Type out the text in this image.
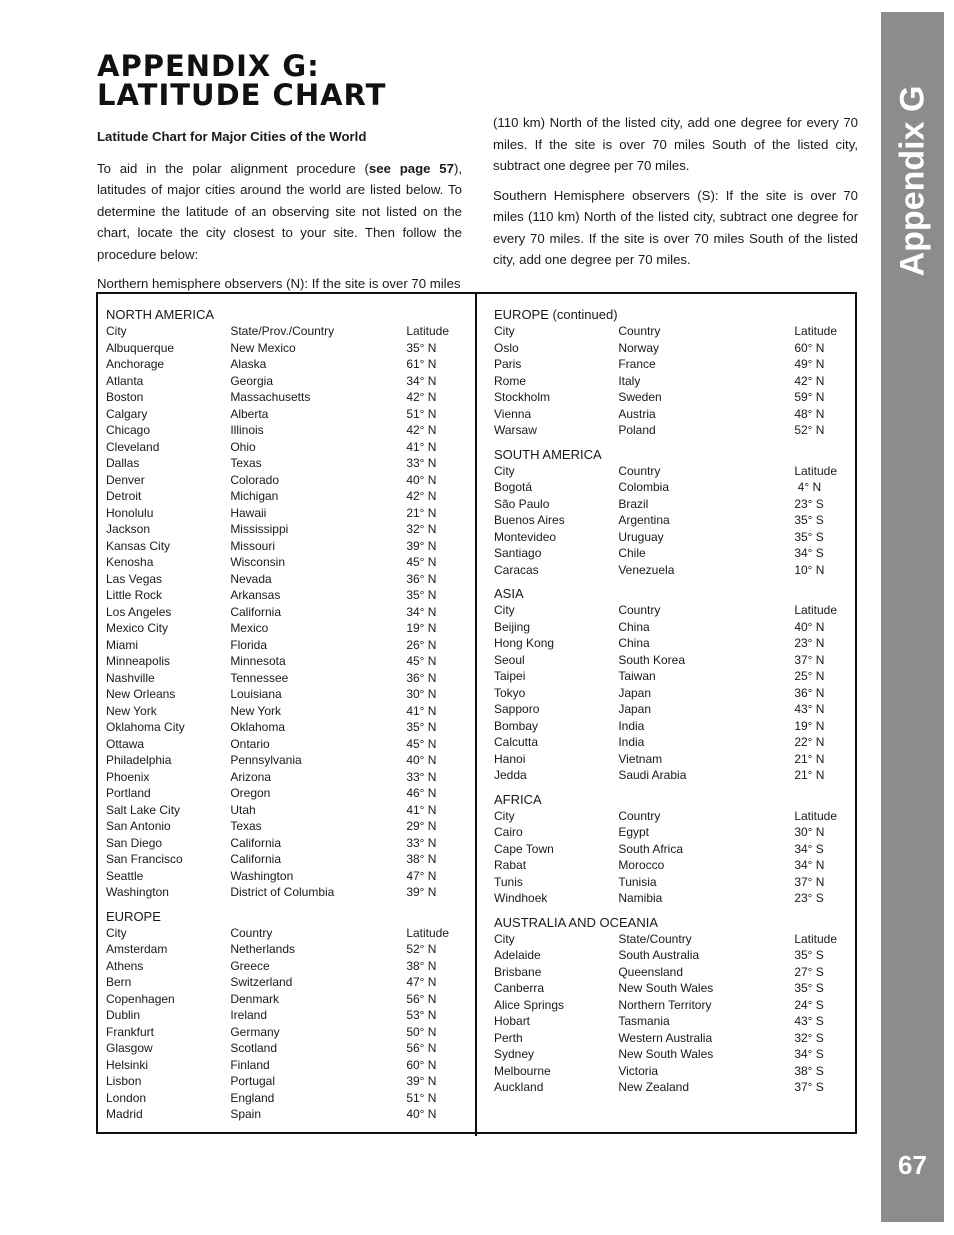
Appendix G
67
APPENDIX G:
LATITUDE CHART

Latitude Chart for Major Cities of the World

To aid in the polar alignment procedure (see page 57), latitudes of major cities around the world are listed below. To determine the latitude of an observing site not listed on the chart, locate the city closest to your site. Then follow the procedure below:

Northern hemisphere observers (N): If the site is over 70 miles

(110 km) North of the listed city, add one degree for every 70 miles. If the site is over 70 miles South of the listed city, subtract one degree per 70 miles.

Southern Hemisphere observers (S): If the site is over 70 miles (110 km) North of the listed city, subtract one degree for every 70 miles. If the site is over 70 miles South of the listed city, add one degree per 70 miles.

NORTH AMERICA
City	State/Prov./Country	Latitude
Albuquerque	New Mexico	35° N
Anchorage	Alaska	61° N
Atlanta	Georgia	34° N
Boston	Massachusetts	42° N
Calgary	Alberta	51° N
Chicago	Illinois	42° N
Cleveland	Ohio	41° N
Dallas	Texas	33° N
Denver	Colorado	40° N
Detroit	Michigan	42° N
Honolulu	Hawaii	21° N
Jackson	Mississippi	32° N
Kansas City	Missouri	39° N
Kenosha	Wisconsin	45° N
Las Vegas	Nevada	36° N
Little Rock	Arkansas	35° N
Los Angeles	California	34° N
Mexico City	Mexico	19° N
Miami	Florida	26° N
Minneapolis	Minnesota	45° N
Nashville	Tennessee	36° N
New Orleans	Louisiana	30° N
New York	New York	41° N
Oklahoma City	Oklahoma	35° N
Ottawa	Ontario	45° N
Philadelphia	Pennsylvania	40° N
Phoenix	Arizona	33° N
Portland	Oregon	46° N
Salt Lake City	Utah	41° N
San Antonio	Texas	29° N
San Diego	California	33° N
San Francisco	California	38° N
Seattle	Washington	47° N
Washington	District of Columbia	39° N
EUROPE
City	Country	Latitude
Amsterdam	Netherlands	52° N
Athens	Greece	38° N
Bern	Switzerland	47° N
Copenhagen	Denmark	56° N
Dublin	Ireland	53° N
Frankfurt	Germany	50° N
Glasgow	Scotland	56° N
Helsinki	Finland	60° N
Lisbon	Portugal	39° N
London	England	51° N
Madrid	Spain	40° N
EUROPE (continued)
City	Country	Latitude
Oslo	Norway	60° N
Paris	France	49° N
Rome	Italy	42° N
Stockholm	Sweden	59° N
Vienna	Austria	48° N
Warsaw	Poland	52° N
SOUTH AMERICA
City	Country	Latitude
Bogotá	Colombia	4° N
São Paulo	Brazil	23° S
Buenos Aires	Argentina	35° S
Montevideo	Uruguay	35° S
Santiago	Chile	34° S
Caracas	Venezuela	10° N
ASIA
City	Country	Latitude
Beijing	China	40° N
Hong Kong	China	23° N
Seoul	South Korea	37° N
Taipei	Taiwan	25° N
Tokyo	Japan	36° N
Sapporo	Japan	43° N
Bombay	India	19° N
Calcutta	India	22° N
Hanoi	Vietnam	21° N
Jedda	Saudi Arabia	21° N
AFRICA
City	Country	Latitude
Cairo	Egypt	30° N
Cape Town	South Africa	34° S
Rabat	Morocco	34° N
Tunis	Tunisia	37° N
Windhoek	Namibia	23° S
AUSTRALIA AND OCEANIA
City	State/Country	Latitude
Adelaide	South Australia	35° S
Brisbane	Queensland	27° S
Canberra	New South Wales	35° S
Alice Springs	Northern Territory	24° S
Hobart	Tasmania	43° S
Perth	Western Australia	32° S
Sydney	New South Wales	34° S
Melbourne	Victoria	38° S
Auckland	New Zealand	37° S
